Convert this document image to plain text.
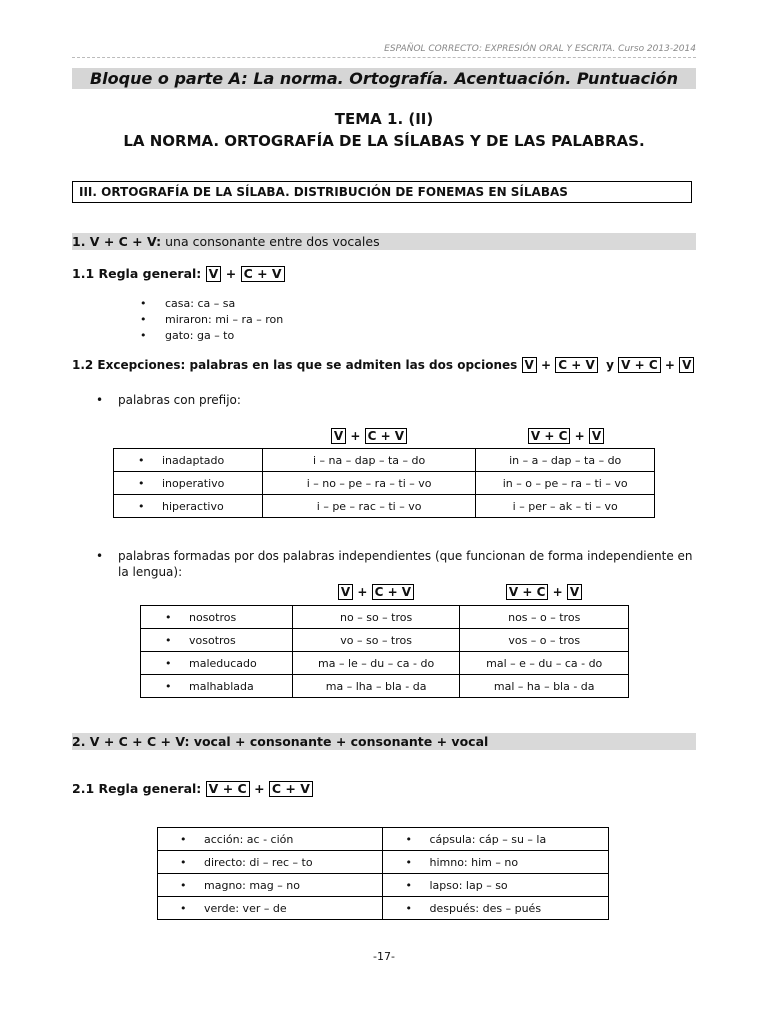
ESPAÑOL CORRECTO: EXPRESIÓN ORAL Y ESCRITA. Curso 2013-2014
Bloque o parte A: La norma. Ortografía. Acentuación. Puntuación
TEMA 1. (II)
LA NORMA. ORTOGRAFÍA DE LA SÍLABAS Y DE LAS PALABRAS.
III. ORTOGRAFÍA DE LA SÍLABA. DISTRIBUCIÓN DE FONEMAS EN SÍLABAS
1. V + C + V: una consonante entre dos vocales
1.1 Regla general: V + C + V
• casa: ca – sa
• miraron: mi – ra – ron
• gato: ga – to
1.2 Excepciones: palabras en las que se admiten las dos opciones V + C + V y V + C + V
• palabras con prefijo:
V + C + V	V + C + V
• inadaptado	i – na – dap – ta – do	in – a – dap – ta – do
• inoperativo	i – no – pe – ra – ti – vo	in – o – pe – ra – ti – vo
• hiperactivo	i – pe – rac – ti – vo	i – per – ak – ti – vo
• palabras formadas por dos palabras independientes (que funcionan de forma independiente en la lengua):
V + C + V	V + C + V
• nosotros	no – so – tros	nos – o – tros
• vosotros	vo – so – tros	vos – o – tros
• maleducado	ma – le – du – ca - do	mal – e – du – ca - do
• malhablada	ma – lha – bla - da	mal – ha – bla - da
2. V + C + C + V: vocal + consonante + consonante + vocal
2.1 Regla general: V + C + C + V
• acción: ac - ción	• cápsula: cáp – su – la
• directo: di – rec – to	• himno: him – no
• magno: mag – no	• lapso: lap – so
• verde: ver – de	• después: des – pués
-17-
